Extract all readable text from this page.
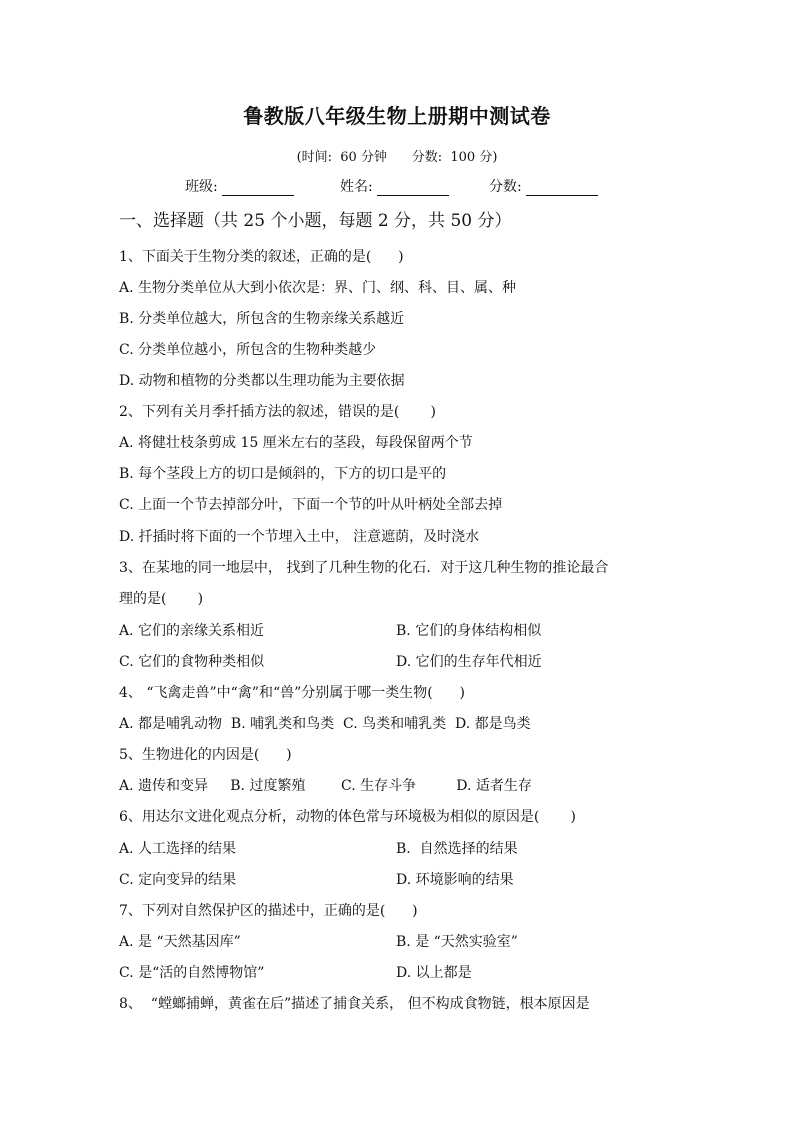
鲁教版八年级生物上册期中测试卷
(时间:  60 分钟      分数:  100 分)
班级:	姓名:	分数:
一、选择题（共 25 个小题，每题 2 分，共 50 分）
1、下面关于生物分类的叙述，正确的是(      )
A. 生物分类单位从大到小依次是：界、门、纲、科、目、属、种
B. 分类单位越大，所包含的生物亲缘关系越近
C. 分类单位越小，所包含的生物种类越少
D. 动物和植物的分类都以生理功能为主要依据
2、下列有关月季扦插方法的叙述，错误的是(       )
A. 将健壮枝条剪成 15 厘米左右的茎段，每段保留两个节
B. 每个茎段上方的切口是倾斜的，下方的切口是平的
C. 上面一个节去掉部分叶，下面一个节的叶从叶柄处全部去掉
D. 扦插时将下面的一个节埋入土中， 注意遮荫，及时浇水
3、在某地的同一地层中， 找到了几种生物的化石．对于这几种生物的推论最合
理的是(       )
A. 它们的亲缘关系相近	B. 它们的身体结构相似
C. 它们的食物种类相似	D. 它们的生存年代相近
4、 “飞禽走兽”中“禽”和“兽”分别属于哪一类生物(      )
A. 都是哺乳动物  B. 哺乳类和鸟类  C. 鸟类和哺乳类  D. 都是鸟类
5、生物进化的内因是(      )
A. 遗传和变异     B. 过度繁殖        C. 生存斗争         D. 适者生存
6、用达尔文进化观点分析，动物的体色常与环境极为相似的原因是(       )
A. 人工选择的结果	B.  自然选择的结果
C. 定向变异的结果	D. 环境影响的结果
7、下列对自然保护区的描述中，正确的是(      )
A. 是 “天然基因库”	B. 是 “天然实验室”
C. 是“活的自然博物馆”	D. 以上都是
8、  “螳螂捕蝉，黄雀在后”描述了捕食关系， 但不构成食物链，根本原因是
